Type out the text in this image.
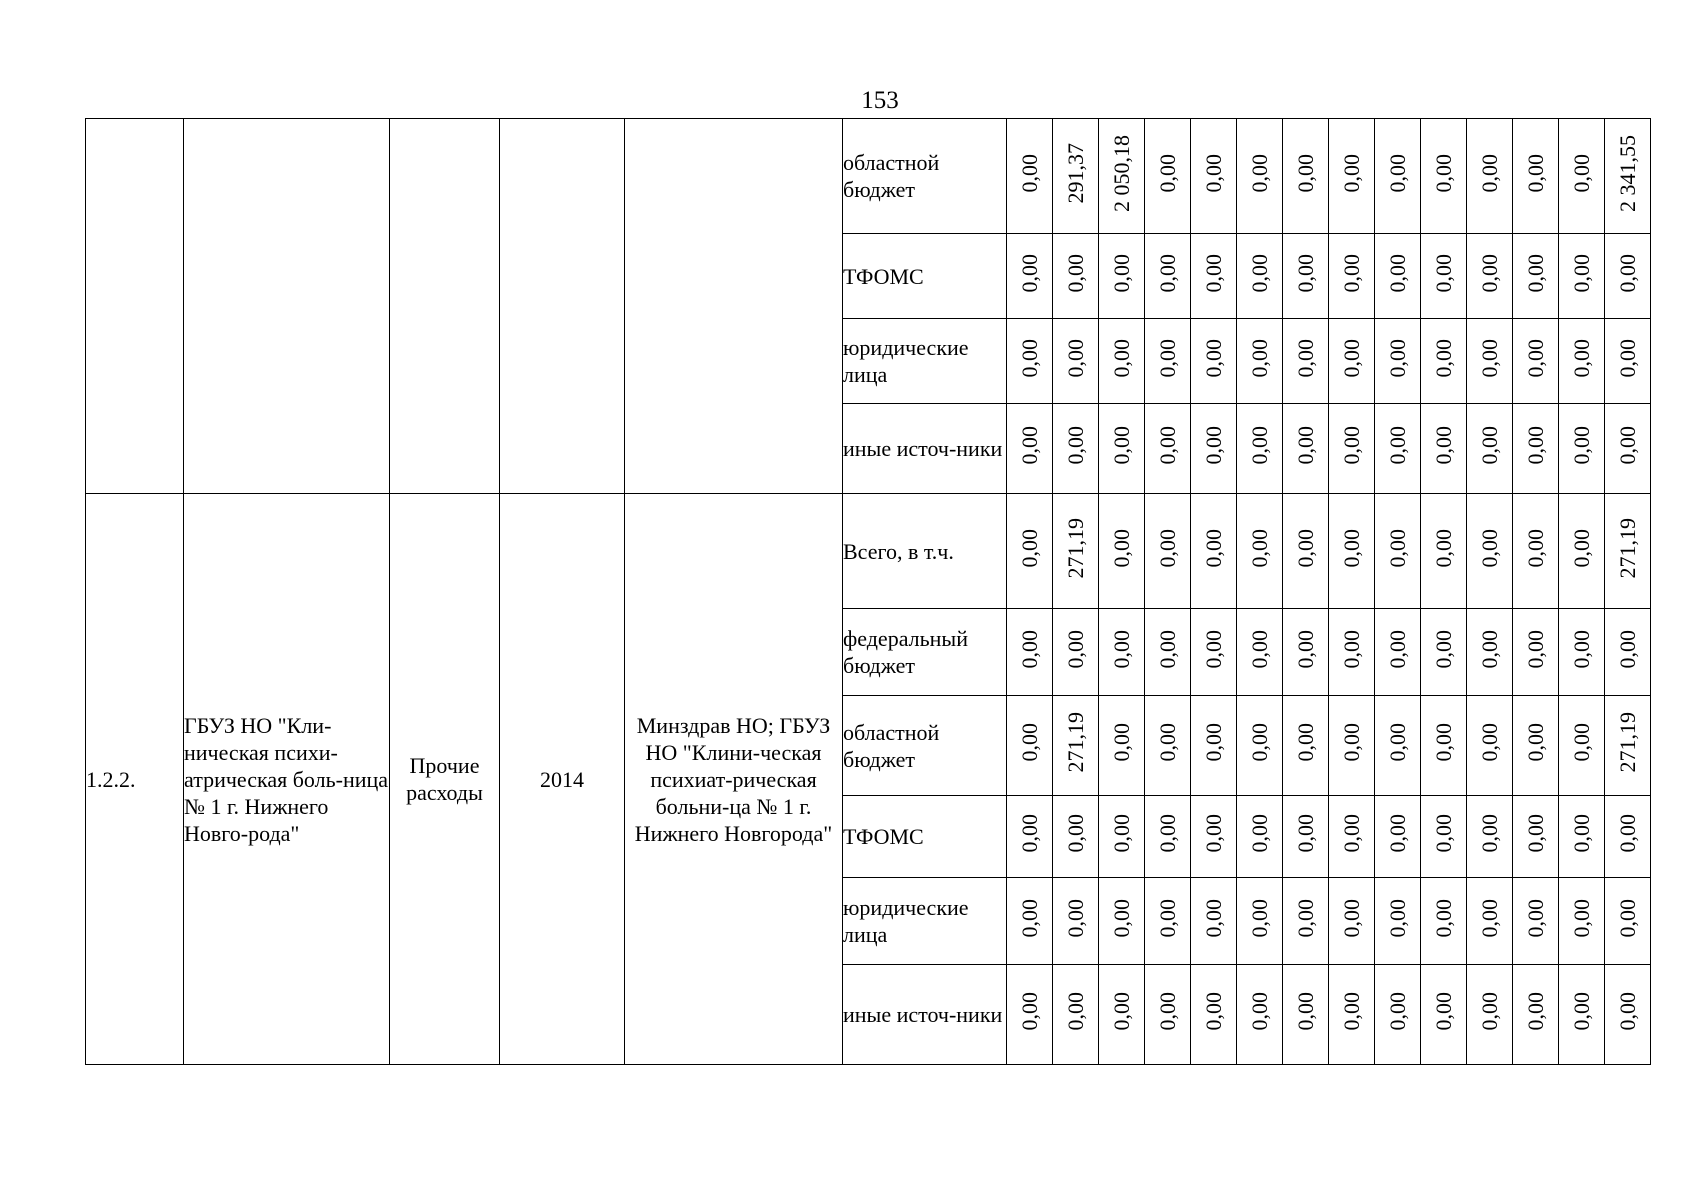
153
					областной бюджет	0,00	291,37	2 050,18	0,00	0,00	0,00	0,00	0,00	0,00	0,00	0,00	0,00	0,00	2 341,55
					ТФОМС	0,00	0,00	0,00	0,00	0,00	0,00	0,00	0,00	0,00	0,00	0,00	0,00	0,00	0,00
					юридические лица	0,00	0,00	0,00	0,00	0,00	0,00	0,00	0,00	0,00	0,00	0,00	0,00	0,00	0,00
					иные источ-ники	0,00	0,00	0,00	0,00	0,00	0,00	0,00	0,00	0,00	0,00	0,00	0,00	0,00	0,00
1.2.2.	ГБУЗ НО "Кли-ническая психи-атрическая боль-ница № 1 г. Нижнего Новго-рода"	Прочие расходы	2014	Минздрав НО; ГБУЗ НО "Клини-ческая психиат-рическая больни-ца № 1 г. Нижнего Новгорода"	Всего, в т.ч.	0,00	271,19	0,00	0,00	0,00	0,00	0,00	0,00	0,00	0,00	0,00	0,00	0,00	271,19
					федеральный бюджет	0,00	0,00	0,00	0,00	0,00	0,00	0,00	0,00	0,00	0,00	0,00	0,00	0,00	0,00
					областной бюджет	0,00	271,19	0,00	0,00	0,00	0,00	0,00	0,00	0,00	0,00	0,00	0,00	0,00	271,19
					ТФОМС	0,00	0,00	0,00	0,00	0,00	0,00	0,00	0,00	0,00	0,00	0,00	0,00	0,00	0,00
					юридические лица	0,00	0,00	0,00	0,00	0,00	0,00	0,00	0,00	0,00	0,00	0,00	0,00	0,00	0,00
					иные источ-ники	0,00	0,00	0,00	0,00	0,00	0,00	0,00	0,00	0,00	0,00	0,00	0,00	0,00	0,00
